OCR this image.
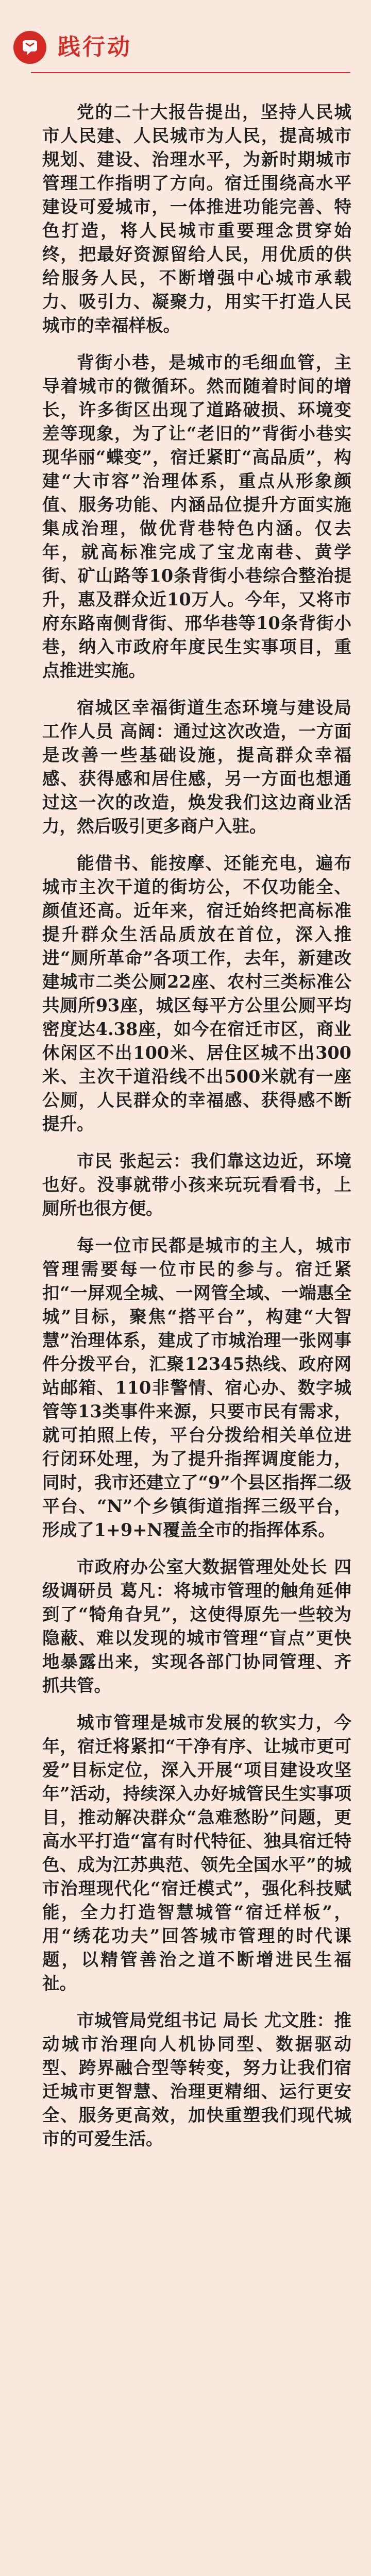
践行动

党的二十大报告提出，坚持人民城市人民建、人民城市为人民，提高城市规划、建设、治理水平，为新时期城市管理工作指明了方向。宿迁围绕高水平建设可爱城市，一体推进功能完善、特色打造，将人民城市重要理念贯穿始终，把最好资源留给人民，用优质的供给服务人民，不断增强中心城市承载力、吸引力、凝聚力，用实干打造人民城市的幸福样板。

背街小巷，是城市的毛细血管，主导着城市的微循环。然而随着时间的增长，许多街区出现了道路破损、环境变差等现象，为了让“老旧的”背街小巷实现华丽“蝶变”，宿迁紧盯“高品质”，构建“大市容”治理体系，重点从形象颜值、服务功能、内涵品位提升方面实施集成治理，做优背巷特色内涵。仅去年，就高标准完成了宝龙南巷、黄学街、矿山路等10条背街小巷综合整治提升，惠及群众近10万人。今年，又将市府东路南侧背街、邢华巷等10条背街小巷，纳入市政府年度民生实事项目，重点推进实施。

宿城区幸福街道生态环境与建设局工作人员 高阔：通过这次改造，一方面是改善一些基础设施，提高群众幸福感、获得感和居住感，另一方面也想通过这一次的改造，焕发我们这边商业活力，然后吸引更多商户入驻。

能借书、能按摩、还能充电，遍布城市主次干道的街坊公，不仅功能全、颜值还高。近年来，宿迁始终把高标准提升群众生活品质放在首位，深入推进“厕所革命”各项工作，去年，新建改建城市二类公厕22座、农村三类标准公共厕所93座，城区每平方公里公厕平均密度达4.38座，如今在宿迁市区，商业休闲区不出100米、居住区城不出300米、主次干道沿线不出500米就有一座公厕，人民群众的幸福感、获得感不断提升。

市民 张起云：我们靠这边近，环境也好。没事就带小孩来玩玩看看书，上厕所也很方便。

每一位市民都是城市的主人，城市管理需要每一位市民的参与。宿迁紧扣“一屏观全城、一网管全域、一端惠全城”目标，聚焦“搭平台”，构建“大智慧”治理体系，建成了市城治理一张网事件分拨平台，汇聚12345热线、政府网站邮箱、110非警情、宿心办、数字城管等13类事件来源，只要市民有需求，就可拍照上传，平台分拨给相关单位进行闭环处理，为了提升指挥调度能力，同时，我市还建立了“9”个县区指挥二级平台、“N”个乡镇街道指挥三级平台，形成了1+9+N覆盖全市的指挥体系。

市政府办公室大数据管理处处长 四级调研员 葛凡：将城市管理的触角延伸到了“犄角旮旯”，这使得原先一些较为隐蔽、难以发现的城市管理“盲点”更快地暴露出来，实现各部门协同管理、齐抓共管。

城市管理是城市发展的软实力，今年，宿迁将紧扣“干净有序、让城市更可爱”目标定位，深入开展“项目建设攻坚年”活动，持续深入办好城管民生实事项目，推动解决群众“急难愁盼”问题，更高水平打造“富有时代特征、独具宿迁特色、成为江苏典范、领先全国水平”的城市治理现代化“宿迁模式”，强化科技赋能，全力打造智慧城管“宿迁样板”，用“绣花功夫”回答城市管理的时代课题，以精管善治之道不断增进民生福祉。

市城管局党组书记 局长 尤文胜：推动城市治理向人机协同型、数据驱动型、跨界融合型等转变，努力让我们宿迁城市更智慧、治理更精细、运行更安全、服务更高效，加快重塑我们现代城市的可爱生活。
